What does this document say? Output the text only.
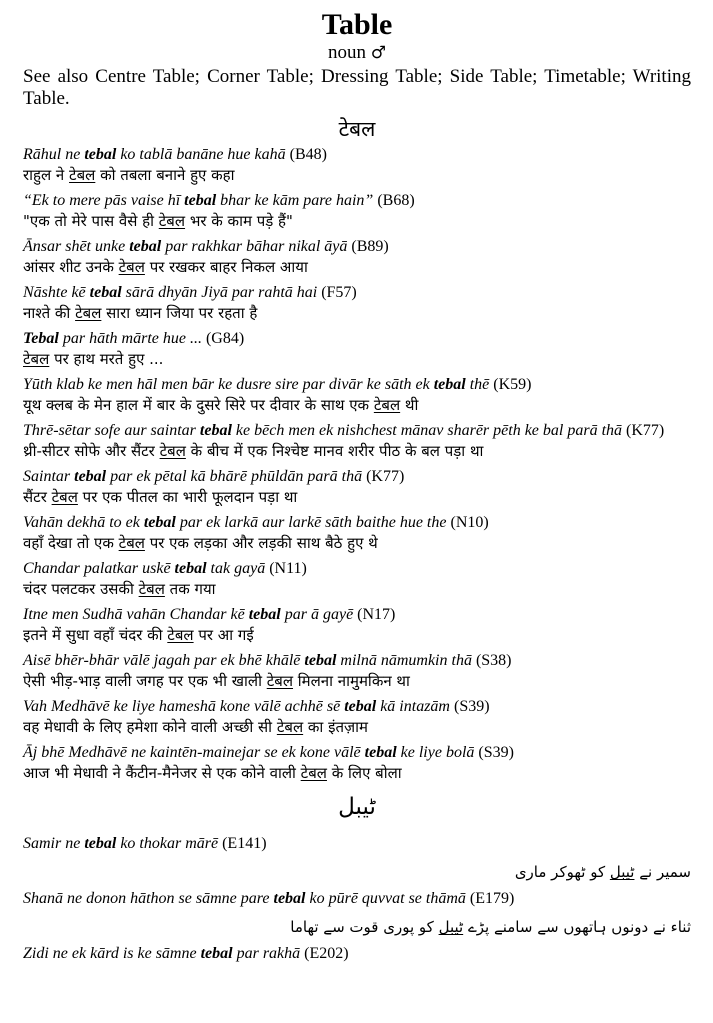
Table
noun ♂

See also Centre Table; Corner Table; Dressing Table; Side Table; Timetable; Writing Table.

टेबल
Rāhul ne tebal ko tablā banāne hue kahā (B48)
राहुल ने टेबल को तबला बनाने हुए कहा
“Ek to mere pās vaise hī tebal bhar ke kām pare hain” (B68)
"एक तो मेरे पास वैसे ही टेबल भर के काम पड़े हैं"
Ānsar shēt unke tebal par rakhkar bāhar nikal āyā (B89)
आंसर शीट उनके टेबल पर रखकर बाहर निकल आया
Nāshte kē tebal sārā dhyān Jiyā par rahtā hai (F57)
नाश्ते की टेबल सारा ध्यान जिया पर रहता है
Tebal par hāth mārte hue ... (G84)
टेबल पर हाथ मरते हुए ...
Yūth klab ke men hāl men bār ke dusre sire par divār ke sāth ek tebal thē (K59)
यूथ क्लब के मेन हाल में बार के दुसरे सिरे पर दीवार के साथ एक टेबल थी
Thrē-sētar sofe aur saintar tebal ke bēch men ek nishchest mānav sharēr pēth ke bal parā thā (K77)
थ्री-सीटर सोफे और सैंटर टेबल के बीच में एक निश्चेष्ट मानव शरीर पीठ के बल पड़ा था
Saintar tebal par ek pētal kā bhārē phūldān parā thā (K77)
सैंटर टेबल पर एक पीतल का भारी फूलदान पड़ा था
Vahān dekhā to ek tebal par ek larkā aur larkē sāth baithe hue the (N10)
वहाँ देखा तो एक टेबल पर एक लड़का और लड़की साथ बैठे हुए थे
Chandar palatkar uskē tebal tak gayā (N11)
चंदर पलटकर उसकी टेबल तक गया
Itne men Sudhā vahān Chandar kē tebal par ā gayē (N17)
इतने में सुधा वहाँ चंदर की टेबल पर आ गई
Aisē bhēr-bhār vālē jagah par ek bhē khālē tebal milnā nāmumkin thā (S38)
ऐसी भीड़-भाड़ वाली जगह पर एक भी खाली टेबल मिलना नामुमकिन था
Vah Medhāvē ke liye hameshā kone vālē achhē sē tebal kā intazām (S39)
वह मेधावी के लिए हमेशा कोने वाली अच्छी सी टेबल का इंतज़ाम
Āj bhē Medhāvē ne kaintēn-mainejar se ek kone vālē tebal ke liye bolā (S39)
आज भी मेधावी ने कैंटीन-मैनेजर से एक कोने वाली टेबल के लिए बोला
ٹیبل
Samir ne tebal ko thokar mārē (E141)
سمیر نے ٹیبل کو ٹھوکر ماری
Shanā ne donon hāthon se sāmne pare tebal ko pūrē quvvat se thāmā (E179)
ثناء نے دونوں ہاتھوں سے سامنے پڑے ٹیبل کو پوری قوت سے تھاما
Zidi ne ek kārd is ke sāmne tebal par rakhā (E202)
